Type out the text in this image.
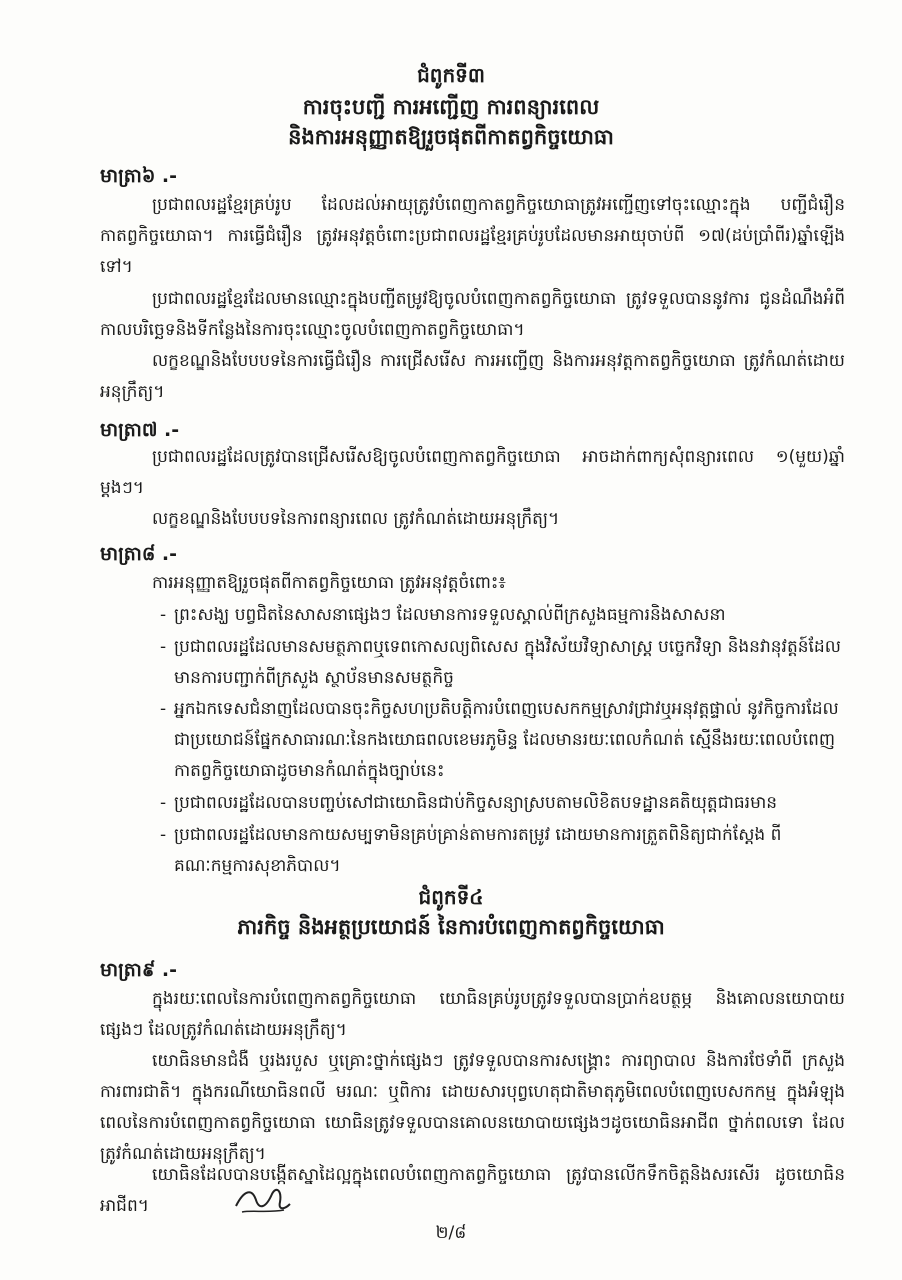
ជំពូកទី៣
ការចុះបញ្ជី ការអញ្ជើញ ការពន្យារពេល
និងការអនុញ្ញាតឱ្យរួចផុតពីកាតព្វកិច្ចយោធា
មាត្រា៦ .-
ប្រជាពលរដ្ឋខ្មែរគ្រប់រូប ដែលដល់អាយុត្រូវបំពេញកាតព្វកិច្ចយោធាត្រូវអញ្ជើញទៅចុះឈ្មោះក្នុង បញ្ជីជំរឿនកាតព្វកិច្ចយោធា។ ការធ្វើជំរឿន ត្រូវអនុវត្តចំពោះប្រជាពលរដ្ឋខ្មែរគ្រប់រូបដែលមានអាយុចាប់ពី ១៧(ដប់ប្រាំពីរ)ឆ្នាំឡើងទៅ។
ប្រជាពលរដ្ឋខ្មែរដែលមានឈ្មោះក្នុងបញ្ជីតម្រូវឱ្យចូលបំពេញកាតព្វកិច្ចយោធា ត្រូវទទួលបាននូវការ ជូនដំណឹងអំពីកាលបរិច្ឆេទនិងទីកន្លែងនៃការចុះឈ្មោះចូលបំពេញកាតព្វកិច្ចយោធា។
លក្ខខណ្ឌនិងបែបបទនៃការធ្វើជំរឿន ការជ្រើសរើស ការអញ្ជើញ និងការអនុវត្តកាតព្វកិច្ចយោធា ត្រូវកំណត់ដោយអនុក្រឹត្យ។
មាត្រា៧ .-
ប្រជាពលរដ្ឋដែលត្រូវបានជ្រើសរើសឱ្យចូលបំពេញកាតព្វកិច្ចយោធា អាចដាក់ពាក្យសុំពន្យារពេល ១(មួយ)ឆ្នាំម្តងៗ។
លក្ខខណ្ឌនិងបែបបទនៃការពន្យារពេល ត្រូវកំណត់ដោយអនុក្រឹត្យ។
មាត្រា៨ .-
ការអនុញ្ញាតឱ្យរួចផុតពីកាតព្វកិច្ចយោធា ត្រូវអនុវត្តចំពោះ៖
- ព្រះសង្ឃ បព្វជិតនៃសាសនាផ្សេងៗ ដែលមានការទទួលស្គាល់ពីក្រសួងធម្មការនិងសាសនា
- ប្រជាពលរដ្ឋដែលមានសមត្ថភាពឬទេពកោសល្យពិសេស ក្នុងវិស័យវិទ្យាសាស្ត្រ បច្ចេកវិទ្យា និងនវានុវត្តន៍ដែលមានការបញ្ជាក់ពីក្រសួង ស្ថាប័នមានសមត្ថកិច្ច
- អ្នកឯកទេសជំនាញដែលបានចុះកិច្ចសហប្រតិបត្តិការបំពេញបេសកកម្មស្រាវជ្រាវឬអនុវត្តផ្ទាល់ នូវកិច្ចការដែលជាប្រយោជន៍ផ្នែកសាធារណៈនៃកងយោធពលខេមរភូមិន្ទ ដែលមានរយៈពេលកំណត់ ស្មើនឹងរយៈពេលបំពេញកាតព្វកិច្ចយោធាដូចមានកំណត់ក្នុងច្បាប់នេះ
- ប្រជាពលរដ្ឋដែលបានបញ្ចប់សៅជាយោធិនជាប់កិច្ចសន្យាស្របតាមលិខិតបទដ្ឋានគតិយុត្តជាធរមាន
- ប្រជាពលរដ្ឋដែលមានកាយសម្បទាមិនគ្រប់គ្រាន់តាមការតម្រូវ ដោយមានការត្រួតពិនិត្យជាក់ស្តែង ពីគណៈកម្មការសុខាភិបាល។
ជំពូកទី៤
ភារកិច្ច និងអត្ថប្រយោជន៍ នៃការបំពេញកាតព្វកិច្ចយោធា
មាត្រា៩ .-
ក្នុងរយៈពេលនៃការបំពេញកាតព្វកិច្ចយោធា យោធិនគ្រប់រូបត្រូវទទួលបានប្រាក់ឧបត្ថម្ភ និងគោលនយោបាយផ្សេងៗ ដែលត្រូវកំណត់ដោយអនុក្រឹត្យ។
យោធិនមានជំងឺ ឬរងរបួស ឬគ្រោះថ្នាក់ផ្សេងៗ ត្រូវទទួលបានការសង្គ្រោះ ការព្យាបាល និងការថែទាំពី ក្រសួងការពារជាតិ។ ក្នុងករណីយោធិនពលី មរណៈ ឬពិការ ដោយសារបុព្វហេតុជាតិមាតុភូមិពេលបំពេញបេសកកម្ម ក្នុងអំឡុងពេលនៃការបំពេញកាតព្វកិច្ចយោធា យោធិនត្រូវទទួលបានគោលនយោបាយផ្សេងៗដូចយោធិនអាជីព ថ្នាក់ពលទោ ដែលត្រូវកំណត់ដោយអនុក្រឹត្យ។
យោធិនដែលបានបង្កើតស្នាដៃល្អក្នុងពេលបំពេញកាតព្វកិច្ចយោធា ត្រូវបានលើកទឹកចិត្តនិងសរសើរ ដូចយោធិនអាជីព។
២/៨
